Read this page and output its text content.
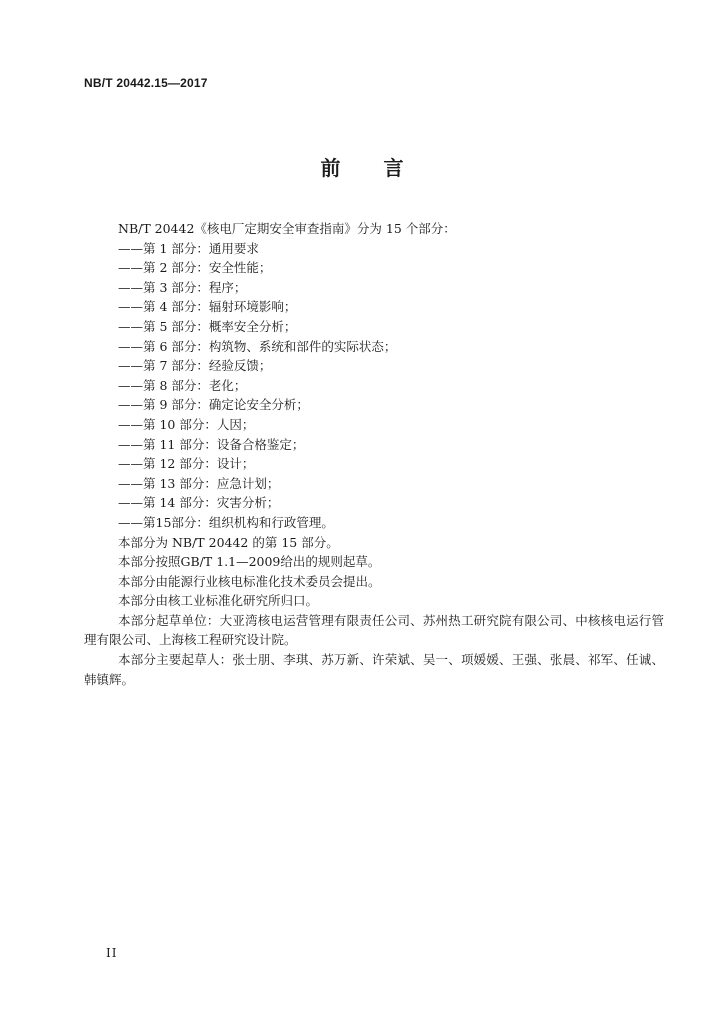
NB/T 20442.15—2017
前 言

NB/T 20442《核电厂定期安全审查指南》分为 15 个部分：

——第 1 部分：通用要求

——第 2 部分：安全性能；

——第 3 部分：程序；

——第 4 部分：辐射环境影响；

——第 5 部分：概率安全分析；

——第 6 部分：构筑物、系统和部件的实际状态；

——第 7 部分：经验反馈；

——第 8 部分：老化；

——第 9 部分：确定论安全分析；

——第 10 部分：人因；

——第 11 部分：设备合格鉴定；

——第 12 部分：设计；

——第 13 部分：应急计划；

——第 14 部分：灾害分析；

——第15部分：组织机构和行政管理。

本部分为 NB/T 20442 的第 15 部分。

本部分按照GB/T 1.1—2009给出的规则起草。

本部分由能源行业核电标准化技术委员会提出。

本部分由核工业标准化研究所归口。

本部分起草单位：大亚湾核电运营管理有限责任公司、苏州热工研究院有限公司、中核核电运行管理有限公司、上海核工程研究设计院。

本部分主要起草人：张士朋、李琪、苏万新、许荣斌、吴一、项媛媛、王强、张晨、祁军、任诚、韩镇辉。

II
